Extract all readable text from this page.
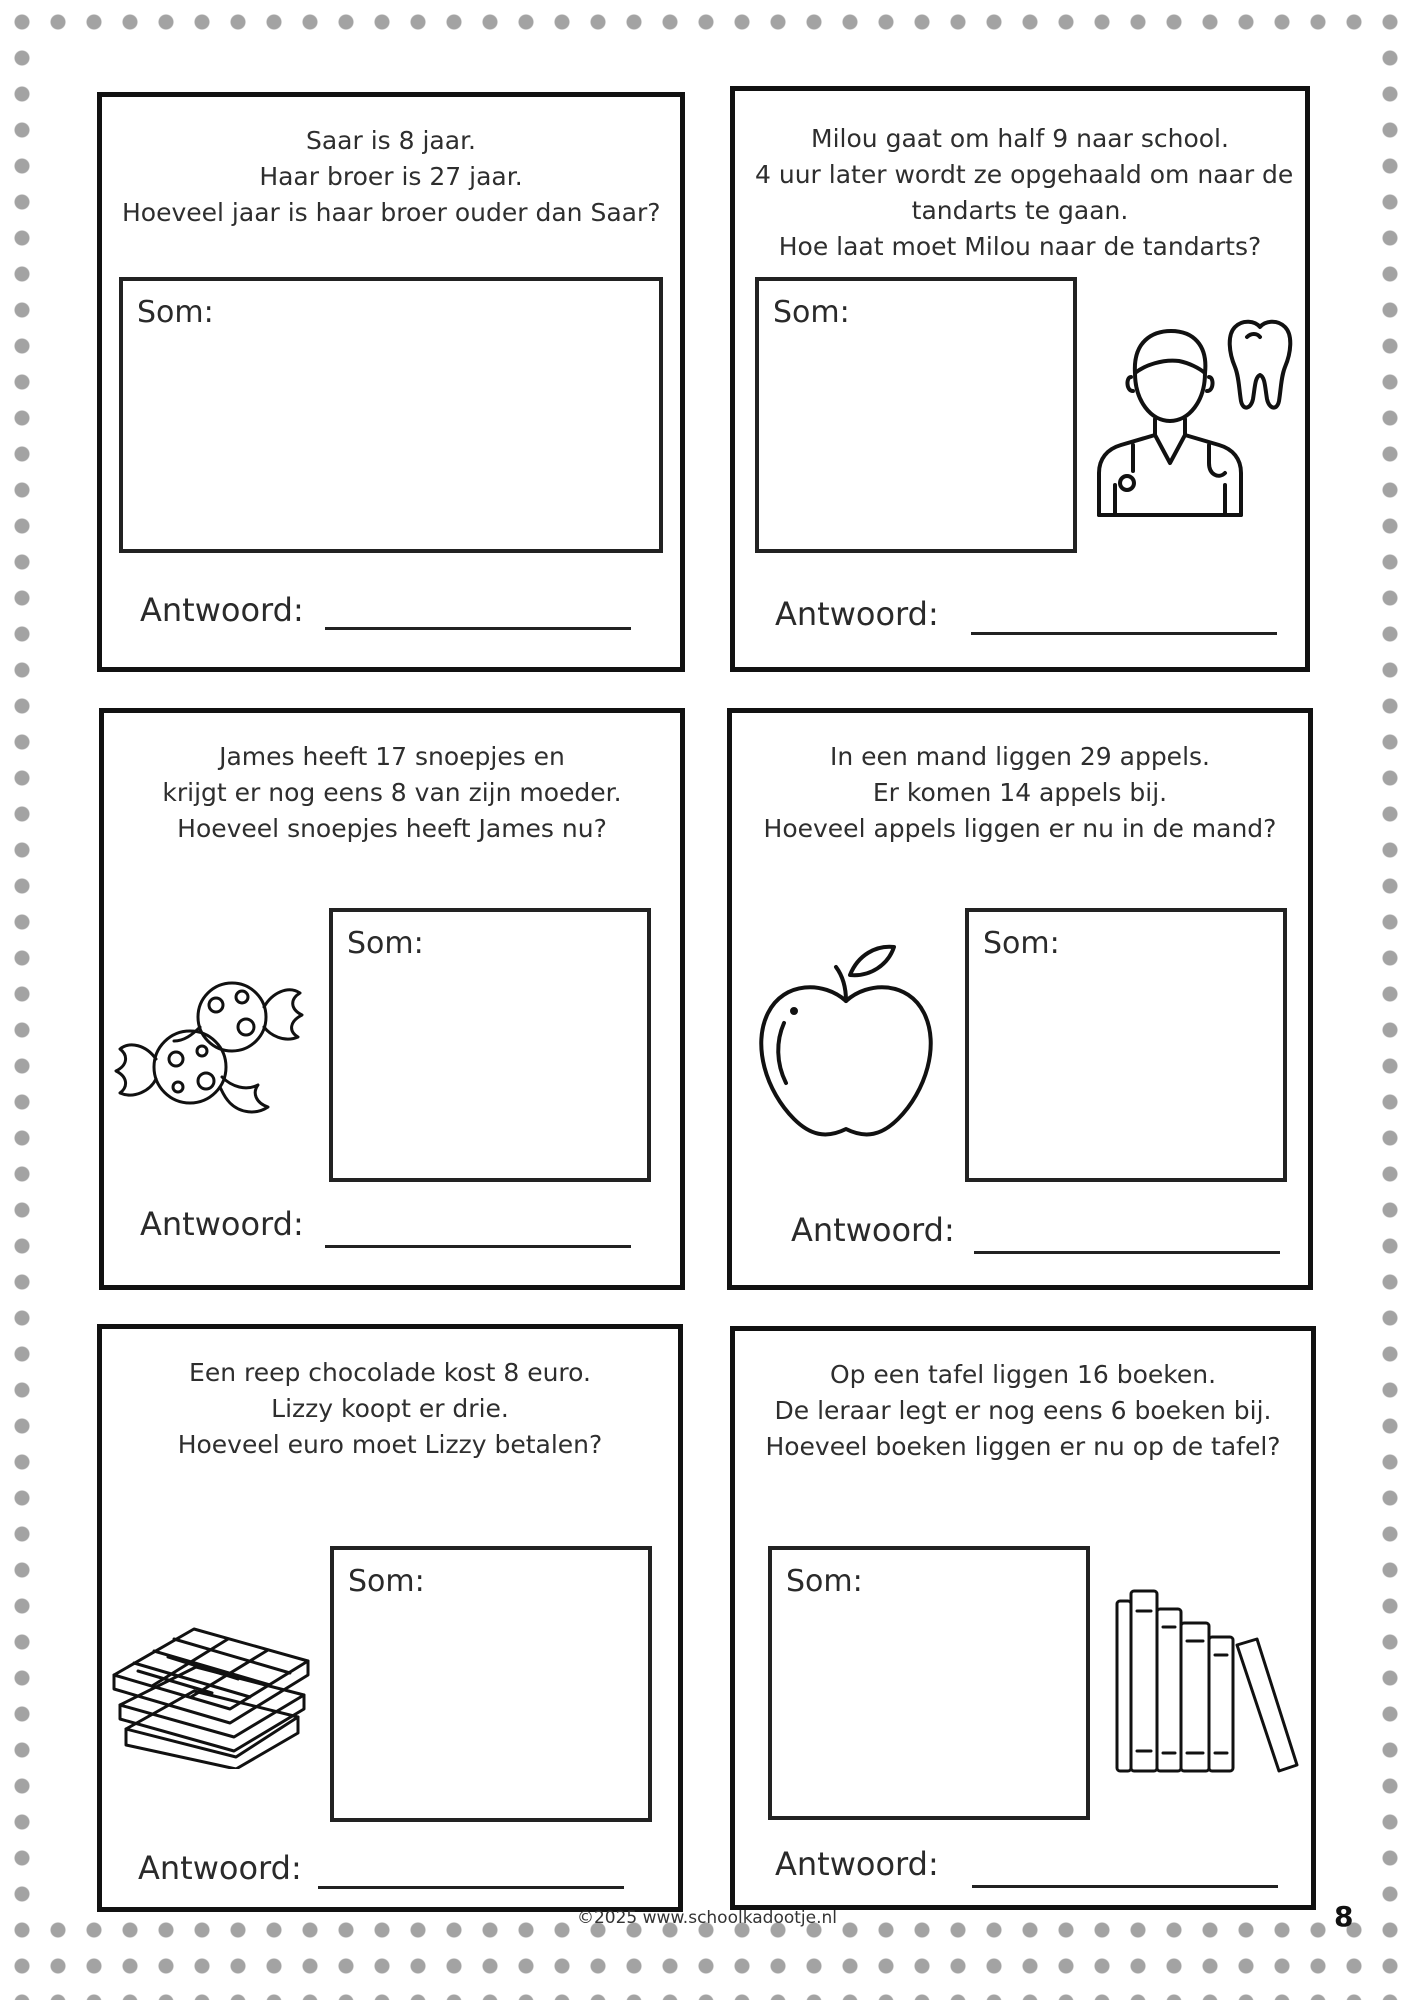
Saar is 8 jaar.
Haar broer is 27 jaar.
Hoeveel jaar is haar broer ouder dan Saar?
Som:
Antwoord:
Milou gaat om half 9 naar school.
4 uur later wordt ze opgehaald om naar de
tandarts te gaan.
Hoe laat moet Milou naar de tandarts?
Som:
Antwoord:
James heeft 17 snoepjes en
krijgt er nog eens 8 van zijn moeder.
Hoeveel snoepjes heeft James nu?
Som:
Antwoord:
In een mand liggen 29 appels.
Er komen 14 appels bij.
Hoeveel appels liggen er nu in de mand?
Som:
Antwoord:
Een reep chocolade kost 8 euro.
Lizzy koopt er drie.
Hoeveel euro moet Lizzy betalen?
Som:
Antwoord:
Op een tafel liggen 16 boeken.
De leraar legt er nog eens 6 boeken bij.
Hoeveel boeken liggen er nu op de tafel?
Som:
Antwoord:
©2025 www.schoolkadootje.nl	8
